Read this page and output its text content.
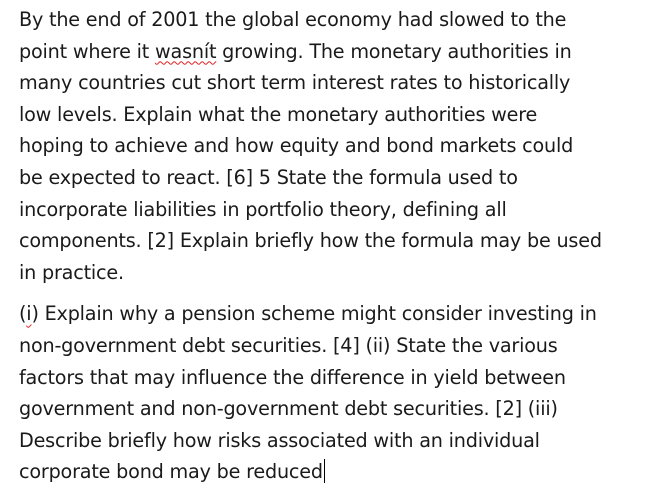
By the end of 2001 the global economy had slowed to the
point where it wasnít growing. The monetary authorities in
many countries cut short term interest rates to historically
low levels. Explain what the monetary authorities were
hoping to achieve and how equity and bond markets could
be expected to react. [6] 5 State the formula used to
incorporate liabilities in portfolio theory, defining all
components. [2] Explain briefly how the formula may be used
in practice.
(i) Explain why a pension scheme might consider investing in
non-government debt securities. [4] (ii) State the various
factors that may influence the difference in yield between
government and non-government debt securities. [2] (iii)
Describe briefly how risks associated with an individual
corporate bond may be reduced
